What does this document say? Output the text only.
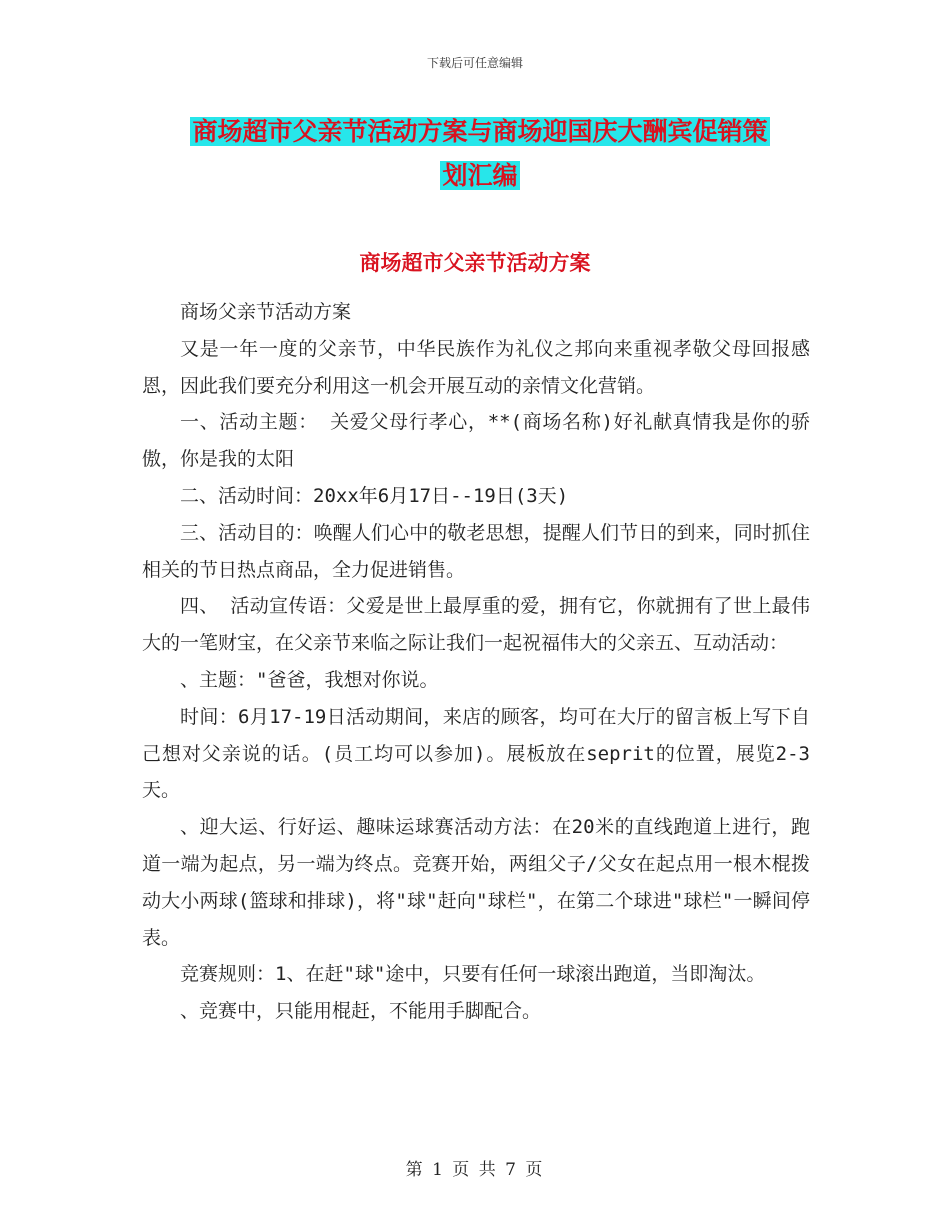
下载后可任意编辑
商场超市父亲节活动方案与商场迎国庆大酬宾促销策
划汇编
商场超市父亲节活动方案

商场父亲节活动方案

又是一年一度的父亲节，中华民族作为礼仪之邦向来重视孝敬父母回报感恩，因此我们要充分利用这一机会开展互动的亲情文化营销。

一、活动主题： 关爱父母行孝心，**(商场名称)好礼献真情我是你的骄傲，你是我的太阳

二、活动时间：20xx年6月17日--19日(3天)

三、活动目的：唤醒人们心中的敬老思想，提醒人们节日的到来，同时抓住相关的节日热点商品，全力促进销售。

四、 活动宣传语：父爱是世上最厚重的爱，拥有它，你就拥有了世上最伟大的一笔财宝，在父亲节来临之际让我们一起祝福伟大的父亲五、互动活动：

、主题："爸爸，我想对你说。

时间：6月17-19日活动期间，来店的顾客，均可在大厅的留言板上写下自己想对父亲说的话。(员工均可以参加)。展板放在seprit的位置，展览2-3天。

、迎大运、行好运、趣味运球赛活动方法：在20米的直线跑道上进行，跑道一端为起点，另一端为终点。竞赛开始，两组父子/父女在起点用一根木棍拨动大小两球(篮球和排球)，将"球"赶向"球栏"，在第二个球进"球栏"一瞬间停表。

竞赛规则：1、在赶"球"途中，只要有任何一球滚出跑道，当即淘汰。

、竞赛中，只能用棍赶，不能用手脚配合。

第 1 页 共 7 页
